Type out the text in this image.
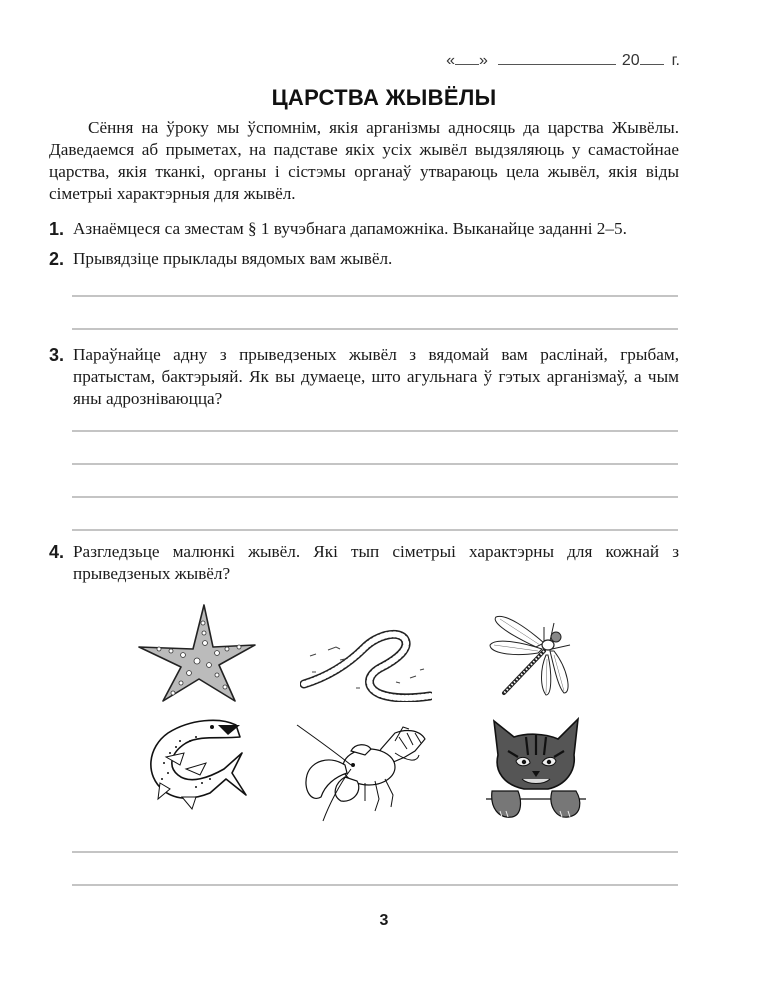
« »	20 г.
ЦАРСТВА ЖЫВЁЛЫ

Сёння на ўроку мы ўспомнім, якія арганізмы адносяць да царства Жывёлы. Даведаемся аб прыметах, на падставе якіх усіх жывёл выдзяляюць у самастойнае царства, якія тканкі, органы і сістэмы органаў утвараюць цела жывёл, якія віды сіметрыі характэрныя для жывёл.

1. Азнаёмцеся са зместам § 1 вучэбнага дапаможніка. Выканайце заданні 2–5.
2. Прывядзіце прыклады вядомых вам жывёл.
3. Параўнайце адну з прыведзеных жывёл з вядомай вам раслінай, грыбам, пратыстам, бактэрыяй. Як вы думаеце, што агульнага ў гэтых арганізмаў, а чым яны адрозніваюцца?
4. Разгледзьце малюнкі жывёл. Які тып сіметрыі характэрны для кожнай з прыведзеных жывёл?
3
